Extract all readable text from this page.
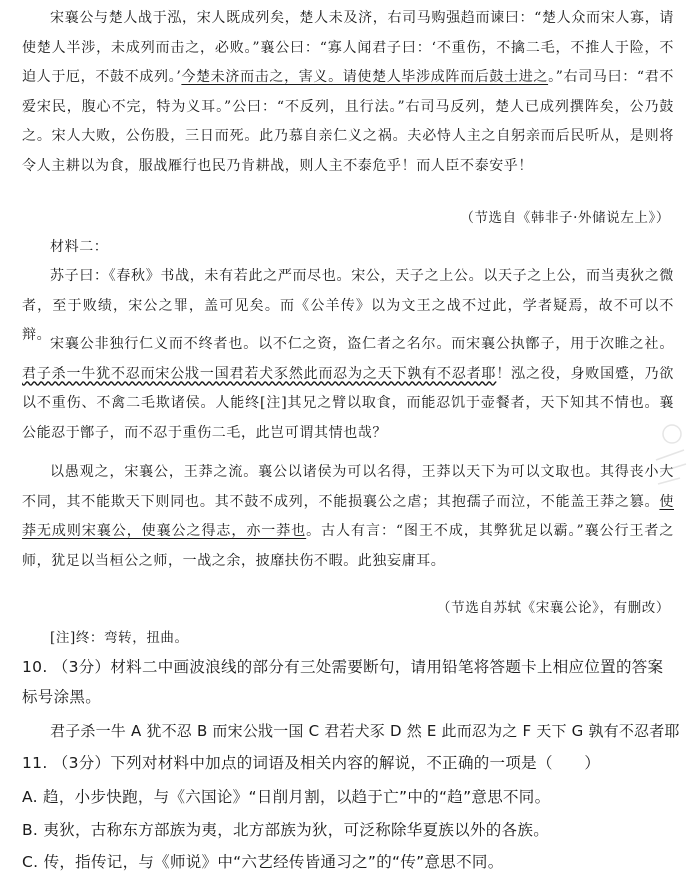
宋襄公与楚人战于泓，宋人既成列矣，楚人未及济，右司马购强趋而谏曰：“楚人众而宋人寡，请使楚人半涉，未成列而击之，必败。”襄公曰：“寡人闻君子曰：‘不重伤，不擒二毛，不推人于险，不迫人于厄，不鼓不成列。’今楚未济而击之，害义。请使楚人毕涉成阵而后鼓士进之。”右司马曰：“君不爱宋民，腹心不完，特为义耳。”公曰：“不反列，且行法。”右司马反列，楚人已成列撰阵矣，公乃鼓之。宋人大败，公伤股，三日而死。此乃慕自亲仁义之祸。夫必恃人主之自躬亲而后民听从，是则将令人主耕以为食，服战雁行也民乃肯耕战，则人主不泰危乎！而人臣不泰安乎！
（节选自《韩非子·外储说左上》）
材料二：
苏子曰：《春秋》书战，未有若此之严而尽也。宋公，天子之上公。以天子之上公，而当夷狄之微者，至于败绩，宋公之罪，盖可见矣。而《公羊传》以为文王之战不过此，学者疑焉，故不可以不辩。
宋襄公非独行仁义而不终者也。以不仁之资，盗仁者之名尔。而宋襄公执鄫子，用于次睢之社。君子杀一牛犹不忍而宋公戕一国君若犬豕然此而忍为之天下孰有不忍者耶！泓之役，身败国蹙，乃欲以不重伤、不禽二毛欺诸侯。人能终[注]其兄之臂以取食，而能忍饥于壶餐者，天下知其不情也。襄公能忍于鄫子，而不忍于重伤二毛，此岂可谓其情也哉？
以愚观之，宋襄公，王莽之流。襄公以诸侯为可以名得，王莽以天下为可以文取也。其得丧小大不同，其不能欺天下则同也。其不鼓不成列，不能损襄公之虐；其抱孺子而泣，不能盖王莽之篡。使莽无成则宋襄公，使襄公之得志，亦一莽也。古人有言：“图王不成，其弊犹足以霸。”襄公行王者之师，犹足以当桓公之师，一战之余，披靡扶伤不暇。此独妄庸耳。
（节选自苏轼《宋襄公论》，有删改）
[注]终：弯转，扭曲。
10. （3分）材料二中画波浪线的部分有三处需要断句，请用铅笔将答题卡上相应位置的答案标号涂黑。
君子杀一牛 A 犹不忍 B 而宋公戕一国 C 君若犬豕 D 然 E 此而忍为之 F 天下 G 孰有不忍者耶
11. （3分）下列对材料中加点的词语及相关内容的解说，不正确的一项是（　　）
A. 趋，小步快跑，与《六国论》“日削月割，以趋于亡”中的“趋”意思不同。
B. 夷狄，古称东方部族为夷，北方部族为狄，可泛称除华夏族以外的各族。
C. 传，指传记，与《师说》中“六艺经传皆通习之”的“传”意思不同。
